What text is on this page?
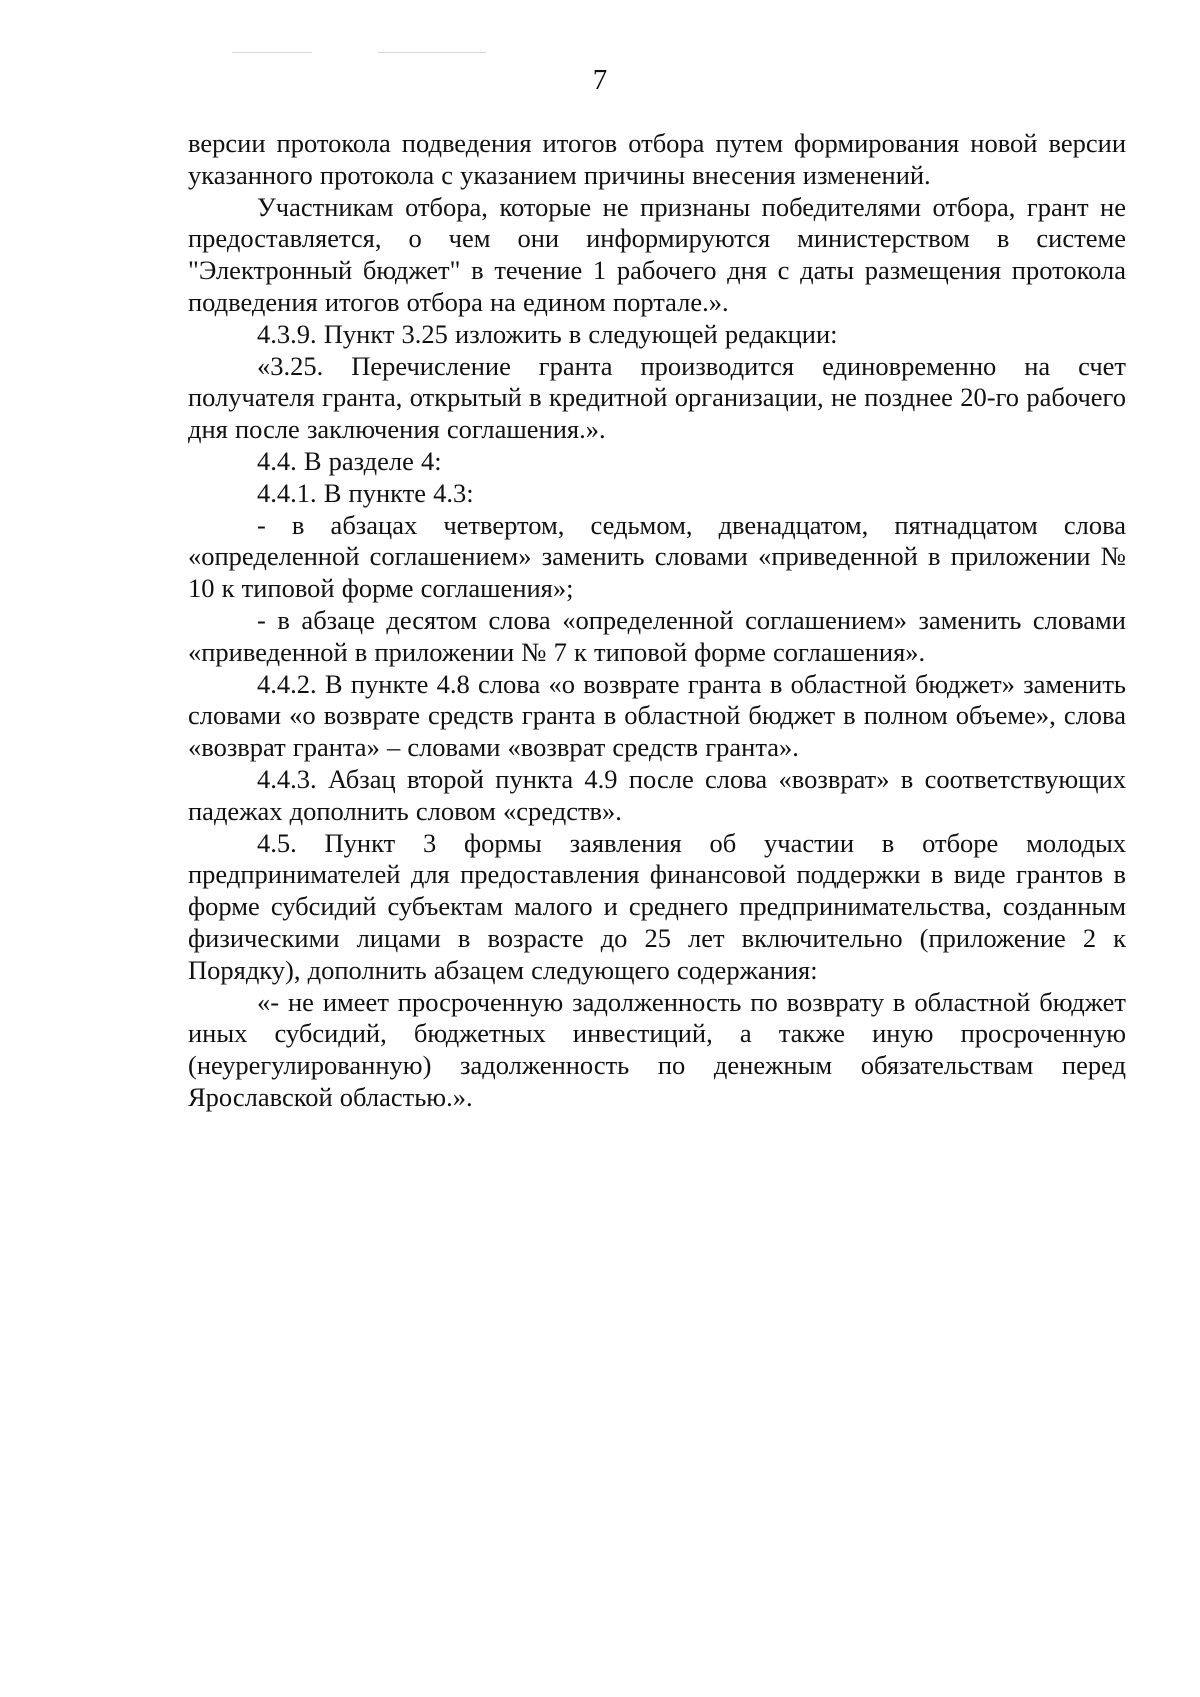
7

версии протокола подведения итогов отбора путем формирования новой версии указанного протокола с указанием причины внесения изменений.

Участникам отбора, которые не признаны победителями отбора, грант не предоставляется, о чем они информируются министерством в системе "Электронный бюджет" в течение 1 рабочего дня с даты размещения протокола подведения итогов отбора на едином портале.».

4.3.9. Пункт 3.25 изложить в следующей редакции:

«3.25. Перечисление гранта производится единовременно на счет получателя гранта, открытый в кредитной организации, не позднее 20-го рабочего дня после заключения соглашения.».

4.4. В разделе 4:

4.4.1. В пункте 4.3:

- в абзацах четвертом, седьмом, двенадцатом, пятнадцатом слова «определенной соглашением» заменить словами «приведенной в приложении № 10 к типовой форме соглашения»;

- в абзаце десятом слова «определенной соглашением» заменить словами «приведенной в приложении № 7 к типовой форме соглашения».

4.4.2. В пункте 4.8 слова «о возврате гранта в областной бюджет» заменить словами «о возврате средств гранта в областной бюджет в полном объеме», слова «возврат гранта» – словами «возврат средств гранта».

4.4.3. Абзац второй пункта 4.9 после слова «возврат» в соответствующих падежах дополнить словом «средств».

4.5. Пункт 3 формы заявления об участии в отборе молодых предпринимателей для предоставления финансовой поддержки в виде грантов в форме субсидий субъектам малого и среднего предпринимательства, созданным физическими лицами в возрасте до 25 лет включительно (приложение 2 к Порядку), дополнить абзацем следующего содержания:

«- не имеет просроченную задолженность по возврату в областной бюджет иных субсидий, бюджетных инвестиций, а также иную просроченную (неурегулированную) задолженность по денежным обязательствам перед Ярославской областью.».
